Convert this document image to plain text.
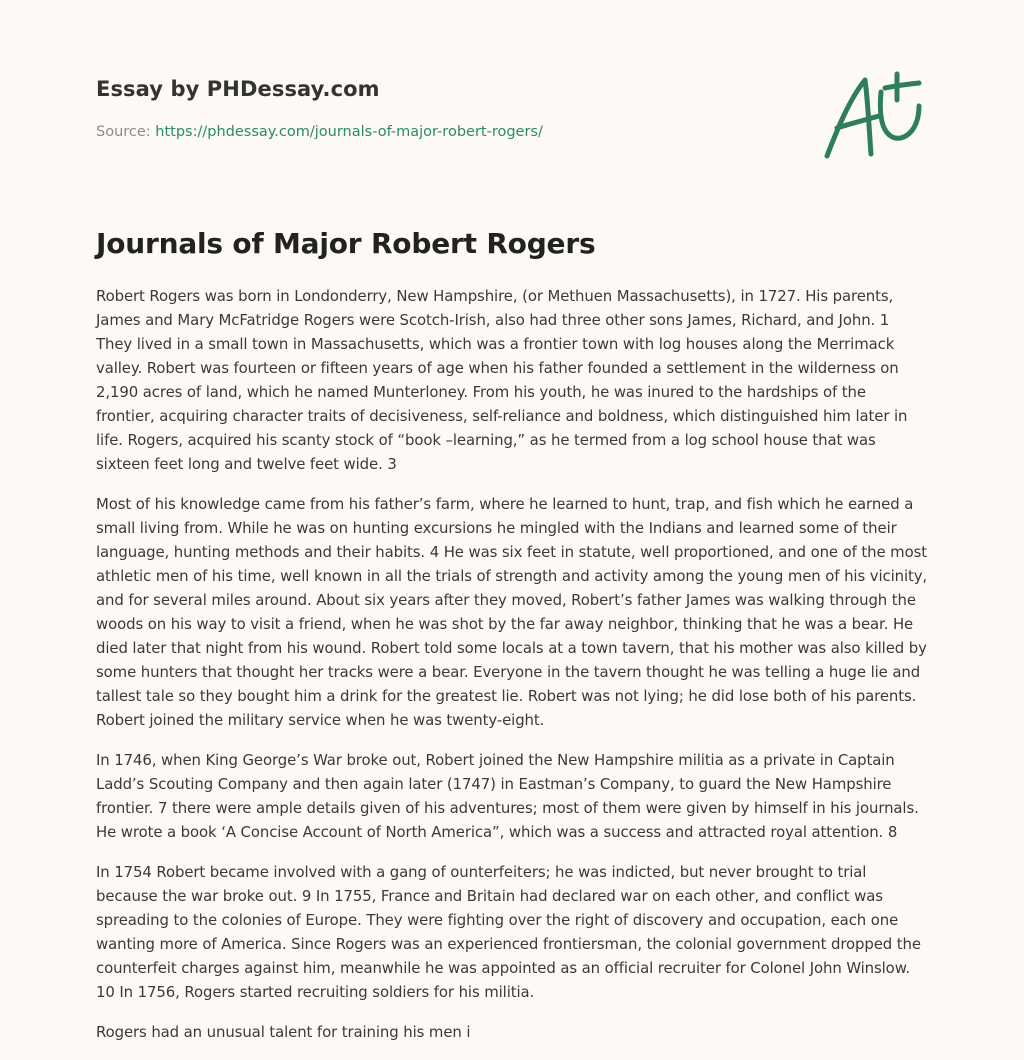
Essay by PHDessay.com
Source: https://phdessay.com/journals-of-major-robert-rogers/
Journals of Major Robert Rogers

Robert Rogers was born in Londonderry, New Hampshire, (or Methuen Massachusetts), in 1727. His parents, James and Mary McFatridge Rogers were Scotch-Irish, also had three other sons James, Richard, and John. 1 They lived in a small town in Massachusetts, which was a frontier town with log houses along the Merrimack valley. Robert was fourteen or fifteen years of age when his father founded a settlement in the wilderness on 2,190 acres of land, which he named Munterloney. From his youth, he was inured to the hardships of the frontier, acquiring character traits of decisiveness, self-reliance and boldness, which distinguished him later in life. Rogers, acquired his scanty stock of “book –learning,” as he termed from a log school house that was sixteen feet long and twelve feet wide. 3

Most of his knowledge came from his father’s farm, where he learned to hunt, trap, and fish which he earned a small living from. While he was on hunting excursions he mingled with the Indians and learned some of their language, hunting methods and their habits. 4 He was six feet in statute, well proportioned, and one of the most athletic men of his time, well known in all the trials of strength and activity among the young men of his vicinity, and for several miles around. About six years after they moved, Robert’s father James was walking through the woods on his way to visit a friend, when he was shot by the far away neighbor, thinking that he was a bear. He died later that night from his wound. Robert told some locals at a town tavern, that his mother was also killed by some hunters that thought her tracks were a bear. Everyone in the tavern thought he was telling a huge lie and tallest tale so they bought him a drink for the greatest lie. Robert was not lying; he did lose both of his parents. Robert joined the military service when he was twenty-eight.

In 1746, when King George’s War broke out, Robert joined the New Hampshire militia as a private in Captain Ladd’s Scouting Company and then again later (1747) in Eastman’s Company, to guard the New Hampshire frontier. 7 there were ample details given of his adventures; most of them were given by himself in his journals. He wrote a book ‘A Concise Account of North America”, which was a success and attracted royal attention. 8

In 1754 Robert became involved with a gang of ounterfeiters; he was indicted, but never brought to trial because the war broke out. 9 In 1755, France and Britain had declared war on each other, and conflict was spreading to the colonies of Europe. They were fighting over the right of discovery and occupation, each one wanting more of America. Since Rogers was an experienced frontiersman, the colonial government dropped the counterfeit charges against him, meanwhile he was appointed as an official recruiter for Colonel John Winslow. 10 In 1756, Rogers started recruiting soldiers for his militia.

Rogers had an unusual talent for training his men i
